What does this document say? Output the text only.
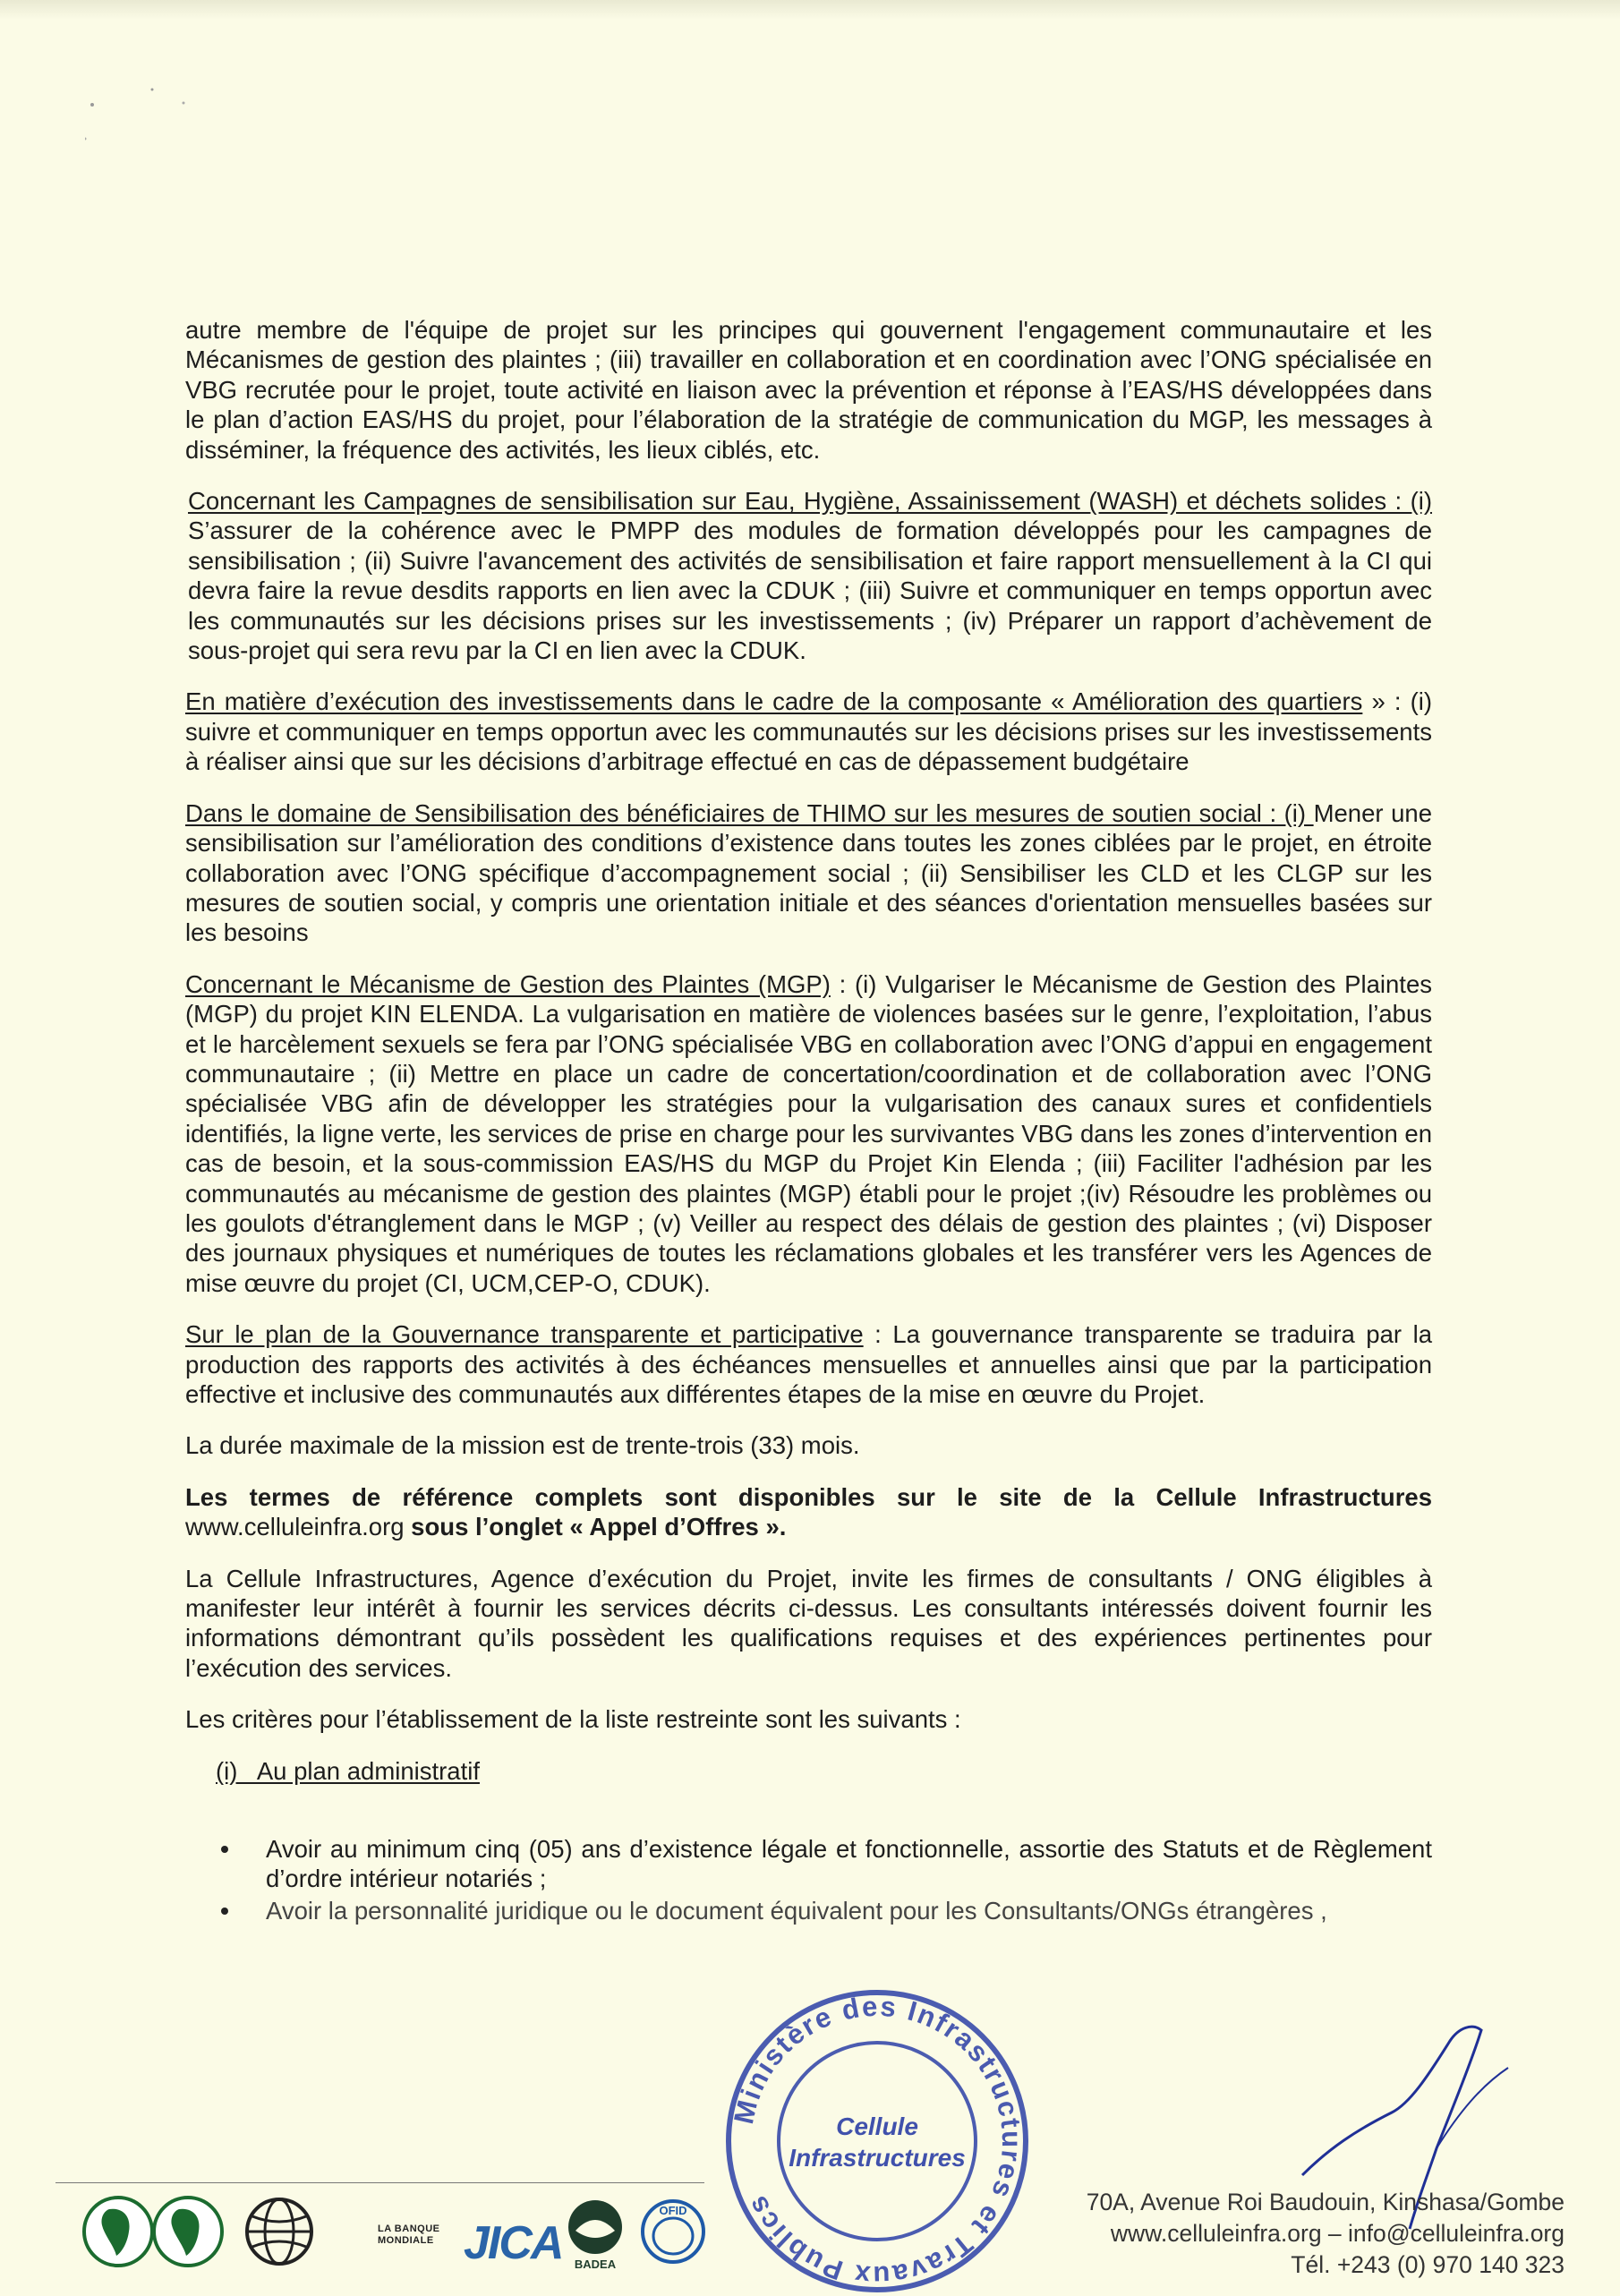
autre membre de l'équipe de projet sur les principes qui gouvernent l'engagement communautaire et les Mécanismes de gestion des plaintes ; (iii) travailler en collaboration et en coordination avec l’ONG spécialisée en VBG recrutée pour le projet, toute activité en liaison avec la prévention et réponse à l’EAS/HS développées dans le plan d’action EAS/HS du projet, pour l’élaboration de la stratégie de communication du MGP, les messages à disséminer, la fréquence des activités, les lieux ciblés, etc.

Concernant les Campagnes de sensibilisation sur Eau, Hygiène, Assainissement (WASH) et déchets solides : (i) S’assurer de la cohérence avec le PMPP des modules de formation développés pour les campagnes de sensibilisation ; (ii) Suivre l'avancement des activités de sensibilisation et faire rapport mensuellement à la CI qui devra faire la revue desdits rapports en lien avec la CDUK ; (iii) Suivre et communiquer en temps opportun avec les communautés sur les décisions prises sur les investissements ; (iv) Préparer un rapport d’achèvement de sous-projet qui sera revu par la CI en lien avec la CDUK.

En matière d’exécution des investissements dans le cadre de la composante « Amélioration des quartiers » : (i) suivre et communiquer en temps opportun avec les communautés sur les décisions prises sur les investissements à réaliser ainsi que sur les décisions d’arbitrage effectué en cas de dépassement budgétaire

Dans le domaine de Sensibilisation des bénéficiaires de THIMO sur les mesures de soutien social : (i) Mener une sensibilisation sur l’amélioration des conditions d’existence dans toutes les zones ciblées par le projet, en étroite collaboration avec l’ONG spécifique d’accompagnement social ; (ii) Sensibiliser les CLD et les CLGP sur les mesures de soutien social, y compris une orientation initiale et des séances d'orientation mensuelles basées sur les besoins

Concernant le Mécanisme de Gestion des Plaintes (MGP) : (i) Vulgariser le Mécanisme de Gestion des Plaintes (MGP) du projet KIN ELENDA. La vulgarisation en matière de violences basées sur le genre, l’exploitation, l’abus et le harcèlement sexuels se fera par l’ONG spécialisée VBG en collaboration avec l’ONG d’appui en engagement communautaire ; (ii) Mettre en place un cadre de concertation/coordination et de collaboration avec l’ONG spécialisée VBG afin de développer les stratégies pour la vulgarisation des canaux sures et confidentiels identifiés, la ligne verte, les services de prise en charge pour les survivantes VBG dans les zones d’intervention en cas de besoin, et la sous-commission EAS/HS du MGP du Projet Kin Elenda ; (iii) Faciliter l'adhésion par les communautés au mécanisme de gestion des plaintes (MGP) établi pour le projet ;(iv) Résoudre les problèmes ou les goulots d'étranglement dans le MGP ; (v) Veiller au respect des délais de gestion des plaintes ; (vi) Disposer des journaux physiques et numériques de toutes les réclamations globales et les transférer vers les Agences de mise œuvre du projet (CI, UCM,CEP-O, CDUK).

Sur le plan de la Gouvernance transparente et participative : La gouvernance transparente se traduira par la production des rapports des activités à des échéances mensuelles et annuelles ainsi que par la participation effective et inclusive des communautés aux différentes étapes de la mise en œuvre du Projet.

La durée maximale de la mission est de trente-trois (33) mois.

Les termes de référence complets sont disponibles sur le site de la Cellule Infrastructures www.celluleinfra.org sous l’onglet « Appel d’Offres ».

La Cellule Infrastructures, Agence d’exécution du Projet, invite les firmes de consultants / ONG éligibles à manifester leur intérêt à fournir les services décrits ci-dessus. Les consultants intéressés doivent fournir les informations démontrant qu’ils possèdent les qualifications requises et des expériences pertinentes pour l’exécution des services.

Les critères pour l’établissement de la liste restreinte sont les suivants :

(i)   Au plan administratif

Avoir au minimum cinq (05) ans d’existence légale et fonctionnelle, assortie des Statuts et de Règlement d’ordre intérieur notariés ;
Avoir la personnalité juridique ou le document équivalent pour les Consultants/ONGs étrangères ,
Ministère des Infrastructures et Travaux Publics
Cellule
Infrastructures
LA BANQUE
MONDIALE JICA BADEA
OFID	70A, Avenue Roi Baudouin, Kinshasa/Gombe
www.celluleinfra.org – info@celluleinfra.org
Tél. +243 (0) 970 140 323
